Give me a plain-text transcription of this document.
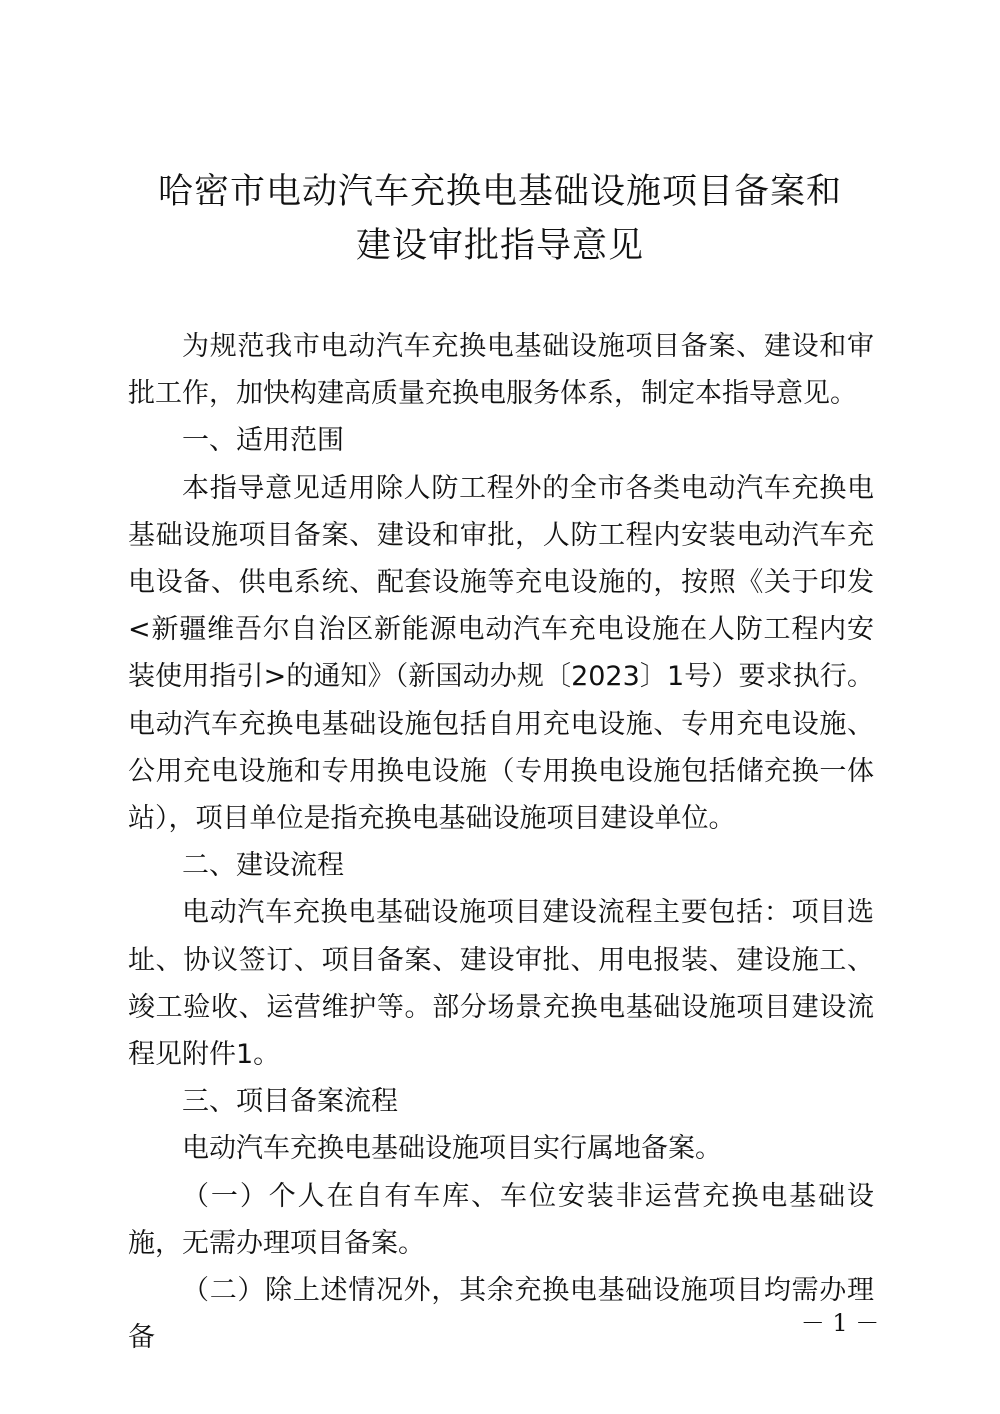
哈密市电动汽车充换电基础设施项目备案和
建设审批指导意见

为规范我市电动汽车充换电基础设施项目备案、建设和审批工作，加快构建高质量充换电服务体系，制定本指导意见。

一、适用范围

本指导意见适用除人防工程外的全市各类电动汽车充换电基础设施项目备案、建设和审批，人防工程内安装电动汽车充电设备、供电系统、配套设施等充电设施的，按照《关于印发<新疆维吾尔自治区新能源电动汽车充电设施在人防工程内安装使用指引>的通知》（新国动办规〔2023〕1号）要求执行。电动汽车充换电基础设施包括自用充电设施、专用充电设施、公用充电设施和专用换电设施（专用换电设施包括储充换一体站），项目单位是指充换电基础设施项目建设单位。

二、建设流程

电动汽车充换电基础设施项目建设流程主要包括：项目选址、协议签订、项目备案、建设审批、用电报装、建设施工、竣工验收、运营维护等。部分场景充换电基础设施项目建设流程见附件1。

三、项目备案流程

电动汽车充换电基础设施项目实行属地备案。

（一）个人在自有车库、车位安装非运营充换电基础设施，无需办理项目备案。

（二）除上述情况外，其余充换电基础设施项目均需办理备	－ 1 －
